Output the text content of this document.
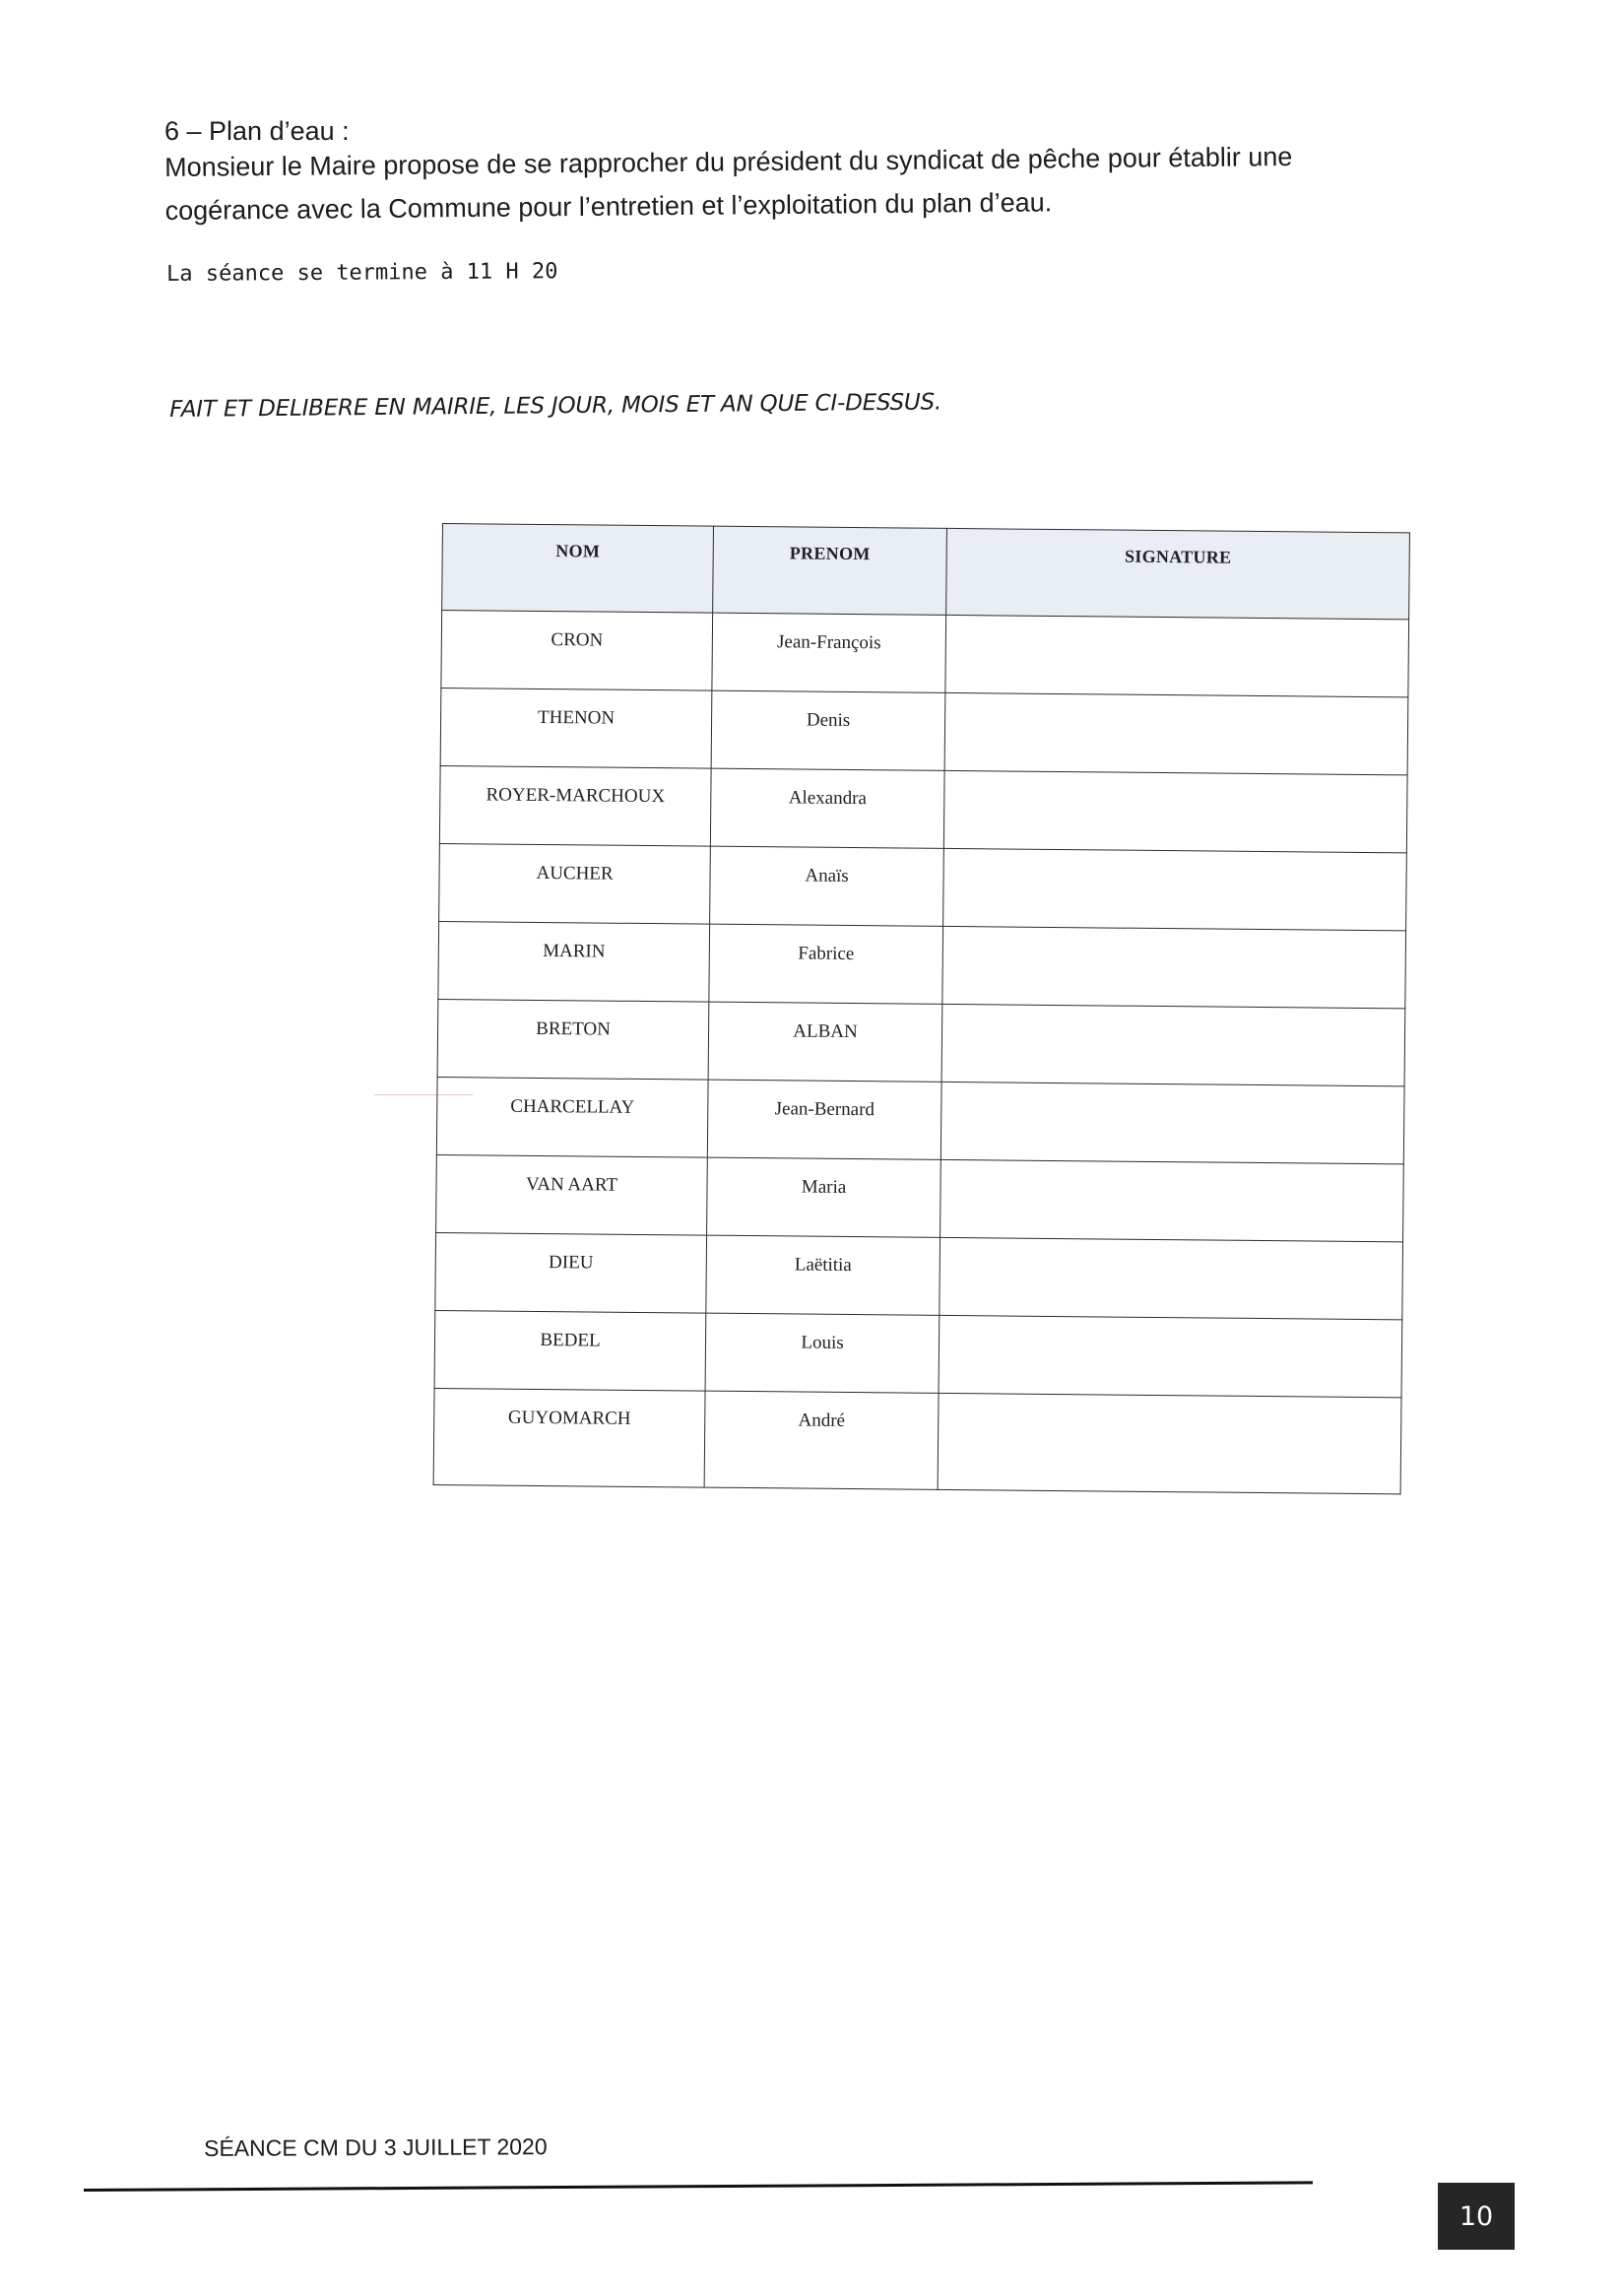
6 – Plan d’eau :
Monsieur le Maire propose de se rapprocher du président du syndicat de pêche pour établir une cogérance avec la Commune pour l’entretien et l’exploitation du plan d’eau.
La séance se termine à 11 H 20
FAIT ET DELIBERE EN MAIRIE, LES JOUR, MOIS ET AN QUE CI-DESSUS.
NOM	PRENOM	SIGNATURE
CRON	Jean-François	
THENON	Denis	
ROYER-MARCHOUX	Alexandra	
AUCHER	Anaïs	
MARIN	Fabrice	
BRETON	ALBAN	
CHARCELLAY	Jean-Bernard	
VAN AART	Maria	
DIEU	Laëtitia	
BEDEL	Louis	
GUYOMARCH	André	
SÉANCE CM DU 3 JUILLET 2020
10
